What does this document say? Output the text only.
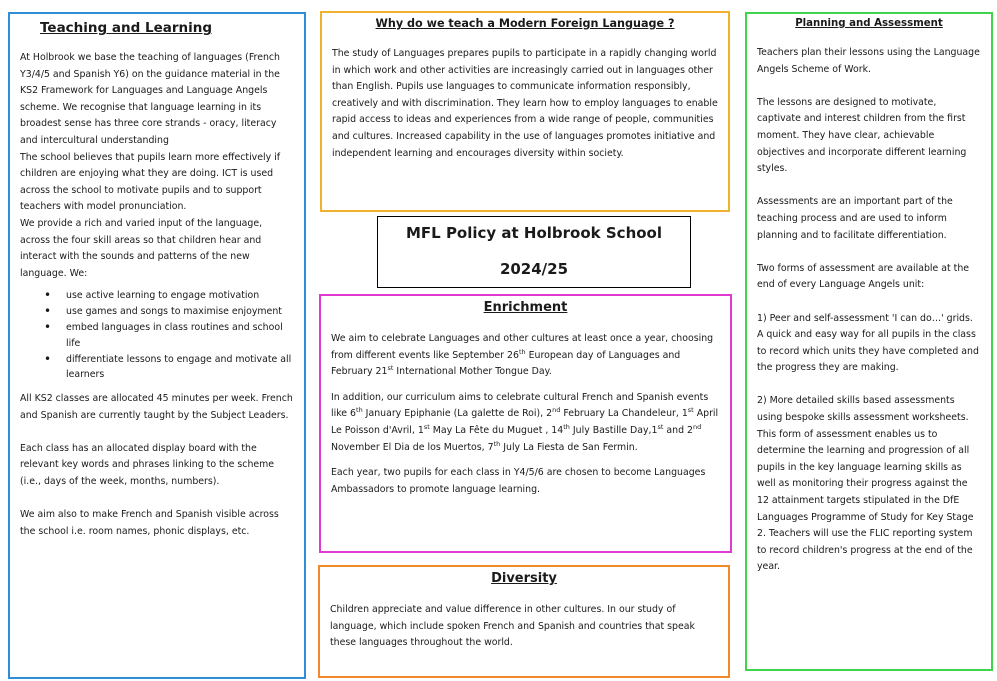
Teaching and Learning

At Holbrook we base the teaching of languages (French Y3/4/5 and Spanish Y6) on the guidance material in the KS2 Framework for Languages and Language Angels scheme. We recognise that language learning in its broadest sense has three core strands - oracy, literacy and intercultural understanding

The school believes that pupils learn more effectively if children are enjoying what they are doing. ICT is used across the school to motivate pupils and to support teachers with model pronunciation.

We provide a rich and varied input of the language, across the four skill areas so that children hear and interact with the sounds and patterns of the new language. We:

• use active learning to engage motivation
• use games and songs to maximise enjoyment
• embed languages in class routines and school life
• differentiate lessons to engage and motivate all learners

All KS2 classes are allocated 45 minutes per week. French and Spanish are currently taught by the Subject Leaders.

Each class has an allocated display board with the relevant key words and phrases linking to the scheme (i.e., days of the week, months, numbers).

We aim also to make French and Spanish visible across the school i.e. room names, phonic displays, etc.

Why do we teach a Modern Foreign Language ?
The study of Languages prepares pupils to participate in a rapidly changing world in which work and other activities are increasingly carried out in languages other than English. Pupils use languages to communicate information responsibly, creatively and with discrimination. They learn how to employ languages to enable rapid access to ideas and experiences from a wide range of people, communities and cultures. Increased capability in the use of languages promotes initiative and independent learning and encourages diversity within society.
MFL Policy at Holbrook School
2024/25
Enrichment

We aim to celebrate Languages and other cultures at least once a year, choosing from different events like September 26th European day of Languages and February 21st International Mother Tongue Day.

In addition, our curriculum aims to celebrate cultural French and Spanish events like 6th January Epiphanie (La galette de Roi), 2nd February La Chandeleur, 1st April Le Poisson d'Avril, 1st May La Fête du Muguet , 14th July Bastille Day,1st and 2nd November El Dia de los Muertos, 7th July La Fiesta de San Fermin.

Each year, two pupils for each class in Y4/5/6 are chosen to become Languages Ambassadors to promote language learning.

Diversity
Children appreciate and value difference in other cultures. In our study of language, which include spoken French and Spanish and countries that speak these languages throughout the world.
Planning and Assessment

Teachers plan their lessons using the Language Angels Scheme of Work.

The lessons are designed to motivate, captivate and interest children from the first moment. They have clear, achievable objectives and incorporate different learning styles.

Assessments are an important part of the teaching process and are used to inform planning and to facilitate differentiation.

Two forms of assessment are available at the end of every Language Angels unit:

1) Peer and self-assessment 'I can do…' grids. A quick and easy way for all pupils in the class to record which units they have completed and the progress they are making.

2) More detailed skills based assessments using bespoke skills assessment worksheets. This form of assessment enables us to determine the learning and progression of all pupils in the key language learning skills as well as monitoring their progress against the 12 attainment targets stipulated in the DfE Languages Programme of Study for Key Stage 2. Teachers will use the FLIC reporting system to record children's progress at the end of the year.
